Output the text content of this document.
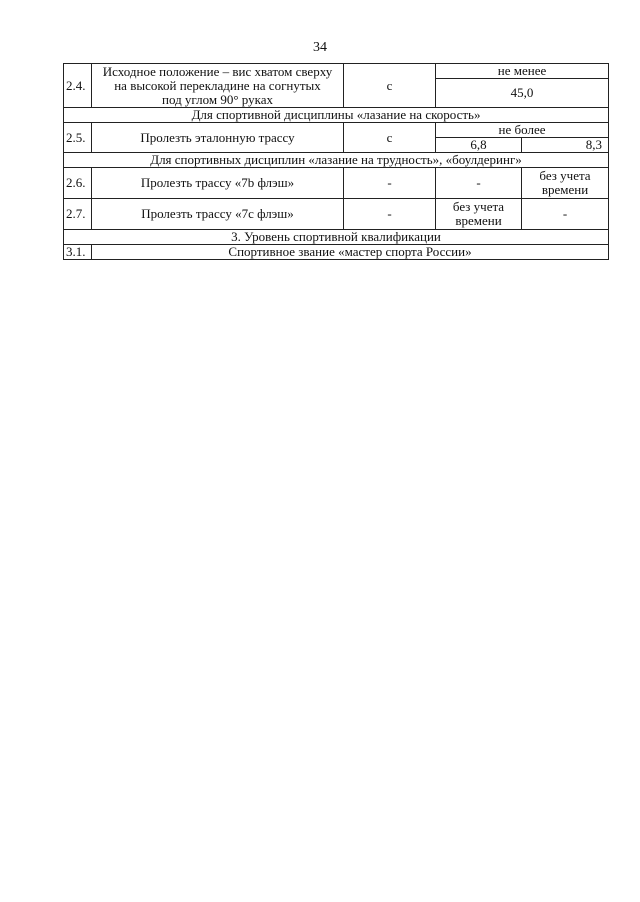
34
2.4.	Исходное положение – вис хватом сверху
на высокой перекладине на согнутых
под углом 90° руках	с	не менее	
			45,0	
Для спортивной дисциплины «лазание на скорость»				
2.5.	Пролезть эталонную трассу	с	не более	
			6,8	8,3
Для спортивных дисциплин «лазание на трудность», «боулдеринг»				
2.6.	Пролезть трассу «7b флэш»	-	-	без учета
времени

2.7.	Пролезть трассу «7c флэш»	-	без учета
времени	-
3. Уровень спортивной квалификации				
3.1.	Спортивное звание «мастер спорта России»			
